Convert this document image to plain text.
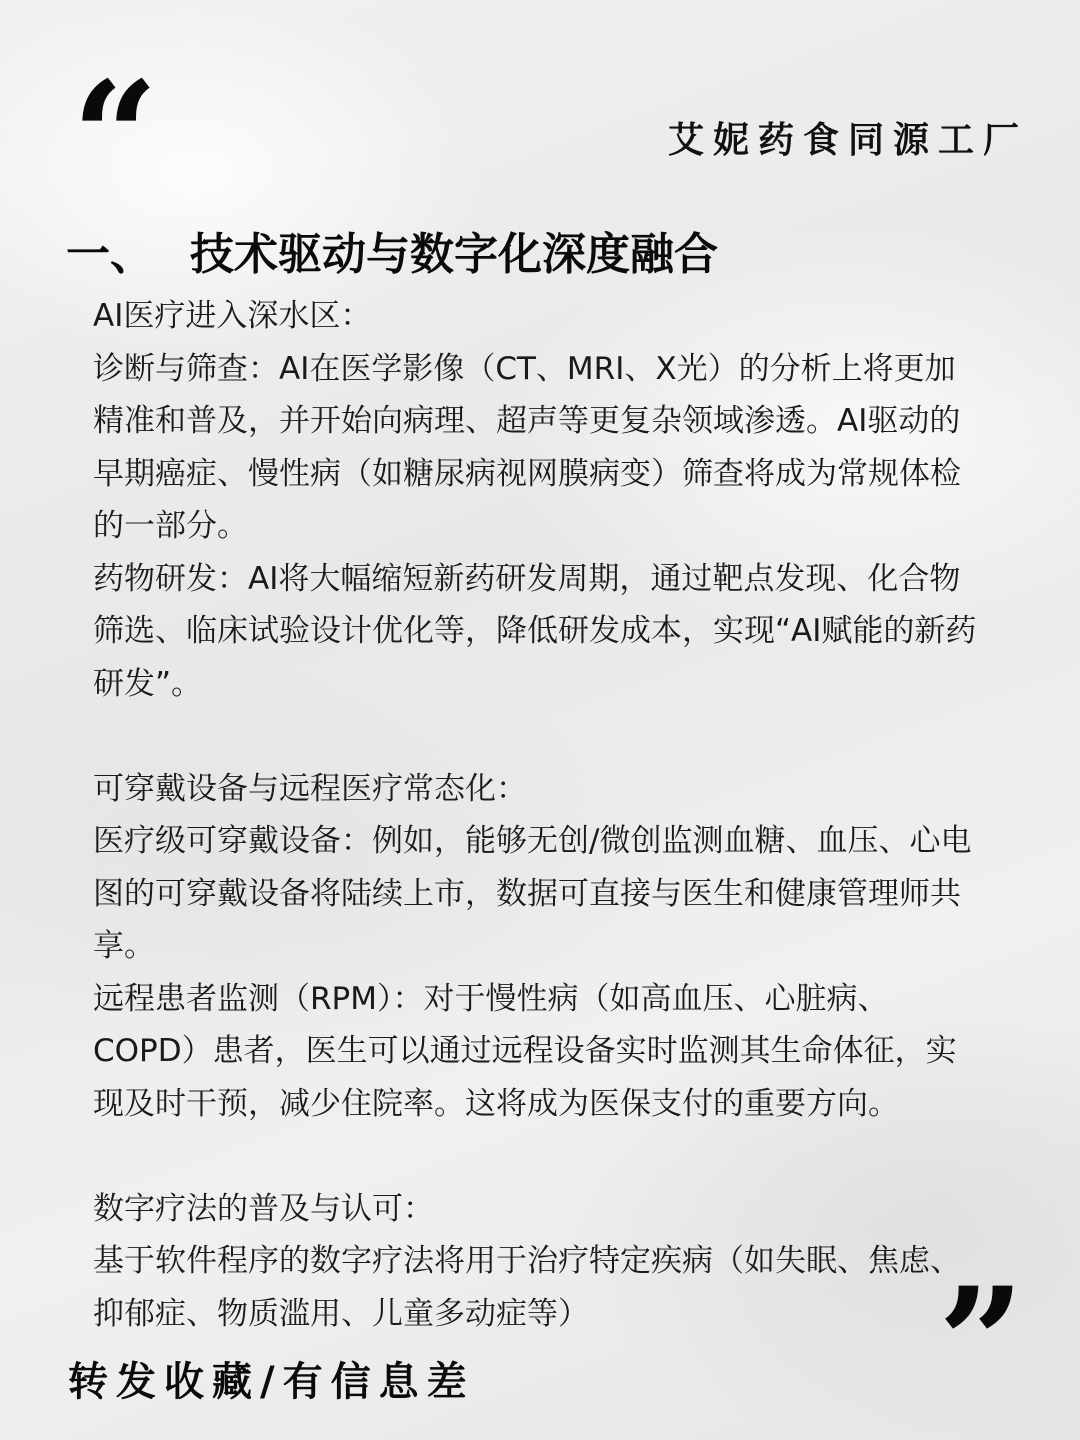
“	艾妮药食同源工厂
一、 技术驱动与数字化深度融合

AI医疗进入深水区：

诊断与筛查：AI在医学影像（CT、MRI、X光）的分析上将更加精准和普及，并开始向病理、超声等更复杂领域渗透。AI驱动的早期癌症、慢性病（如糖尿病视网膜病变）筛查将成为常规体检的一部分。

药物研发：AI将大幅缩短新药研发周期，通过靶点发现、化合物筛选、临床试验设计优化等，降低研发成本，实现“AI赋能的新药研发”。

可穿戴设备与远程医疗常态化：

医疗级可穿戴设备：例如，能够无创/微创监测血糖、血压、心电图的可穿戴设备将陆续上市，数据可直接与医生和健康管理师共享。

远程患者监测（RPM）：对于慢性病（如高血压、心脏病、COPD）患者，医生可以通过远程设备实时监测其生命体征，实现及时干预，减少住院率。这将成为医保支付的重要方向。

数字疗法的普及与认可：

基于软件程序的数字疗法将用于治疗特定疾病（如失眠、焦虑、抑郁症、物质滥用、儿童多动症等）	”
转发收藏/有信息差
